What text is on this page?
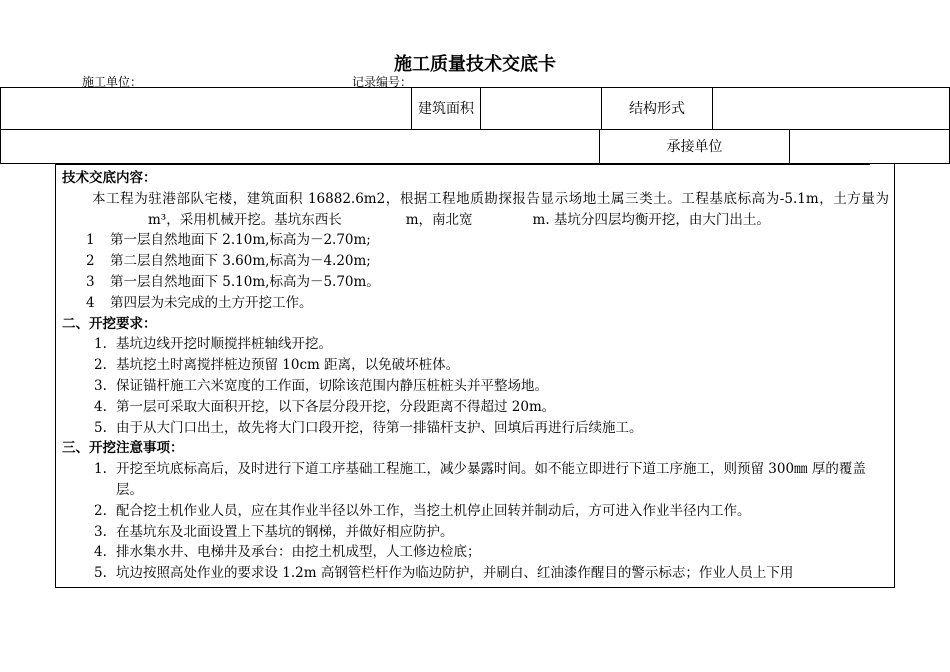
施工质量技术交底卡
施工单位：	记录编号：
	建筑面积		结构形式	
	承接单位	
技术交底内容：
本工程为驻港部队宅楼，建筑面积 16882.6m2，根据工程地质勘探报告显示场地土属三类土。工程基底标高为-5.1m，土方量为m³，采用机械开挖。基坑东西长	m，南北宽	m. 基坑分四层均衡开挖，由大门出土。
1 第一层自然地面下 2.10m,标高为－2.70m;
2 第二层自然地面下 3.60m,标高为－4.20m;
3 第一层自然地面下 5.10m,标高为－5.70m。
4 第四层为未完成的土方开挖工作。
二、开挖要求：
1. 基坑边线开挖时顺搅拌桩轴线开挖。
2. 基坑挖土时离搅拌桩边预留 10cm 距离，以免破坏桩体。
3. 保证锚杆施工六米宽度的工作面，切除该范围内静压桩桩头并平整场地。
4. 第一层可采取大面积开挖，以下各层分段开挖，分段距离不得超过 20m。
5. 由于从大门口出土，故先将大门口段开挖，待第一排锚杆支护、回填后再进行后续施工。
三、开挖注意事项：
1. 开挖至坑底标高后，及时进行下道工序基础工程施工，减少暴露时间。如不能立即进行下道工序施工，则预留 300㎜ 厚的覆盖层。
2. 配合挖土机作业人员，应在其作业半径以外工作，当挖土机停止回转并制动后，方可进入作业半径内工作。
3. 在基坑东及北面设置上下基坑的钢梯，并做好相应防护。
4. 排水集水井、电梯井及承台：由挖土机成型，人工修边检底；
5. 坑边按照高处作业的要求设 1.2m 高钢管栏杆作为临边防护，并刷白、红油漆作醒目的警示标志；作业人员上下用
